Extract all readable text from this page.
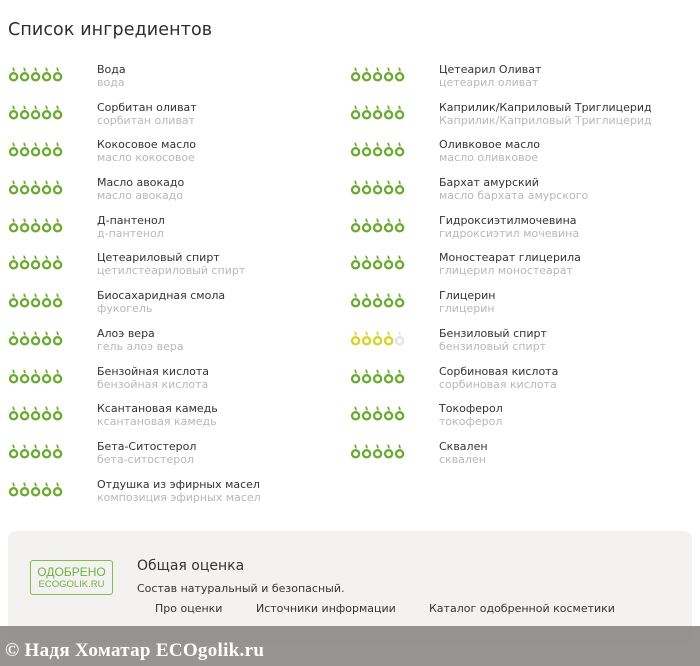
Список ингредиентов
Вода
вода
Сорбитан оливат
сорбитан оливат
Кокосовое масло
масло кокосовое
Масло авокадо
масло авокадо
Д-пантенол
д-пантенол
Цетеариловый спирт
цетилстеариловый спирт
Биосахаридная смола
фукогель
Алоэ вера
гель алоэ вера
Бензойная кислота
бензойная кислота
Ксантановая камедь
ксантановая камедь
Бета-Ситостерол
бета-ситостерол
Отдушка из эфирных масел
композиция эфирных масел
Цетеарил Оливат
цетеарил оливат
Каприлик/Каприловый Триглицерид
Каприлик/Каприловый Триглицерид
Оливковое масло
масло оливковое
Бархат амурский
масло бархата амурского
Гидроксиэтилмочевина
гидроксиэтил мочевина
Моностеарат глицерила
глицерил моностеарат
Глицерин
глицерин
Бензиловый спирт
бензиловый спирт
Сорбиновая кислота
сорбиновая кислота
Токоферол
токоферол
Сквален
сквален
ОДОБРЕНО
ECOGOLIK.RU
Общая оценка
Состав натуральный и безопасный.
Про оценки	Источники информации	Каталог одобренной косметики
© Надя Хоматар ECOgolik.ru
